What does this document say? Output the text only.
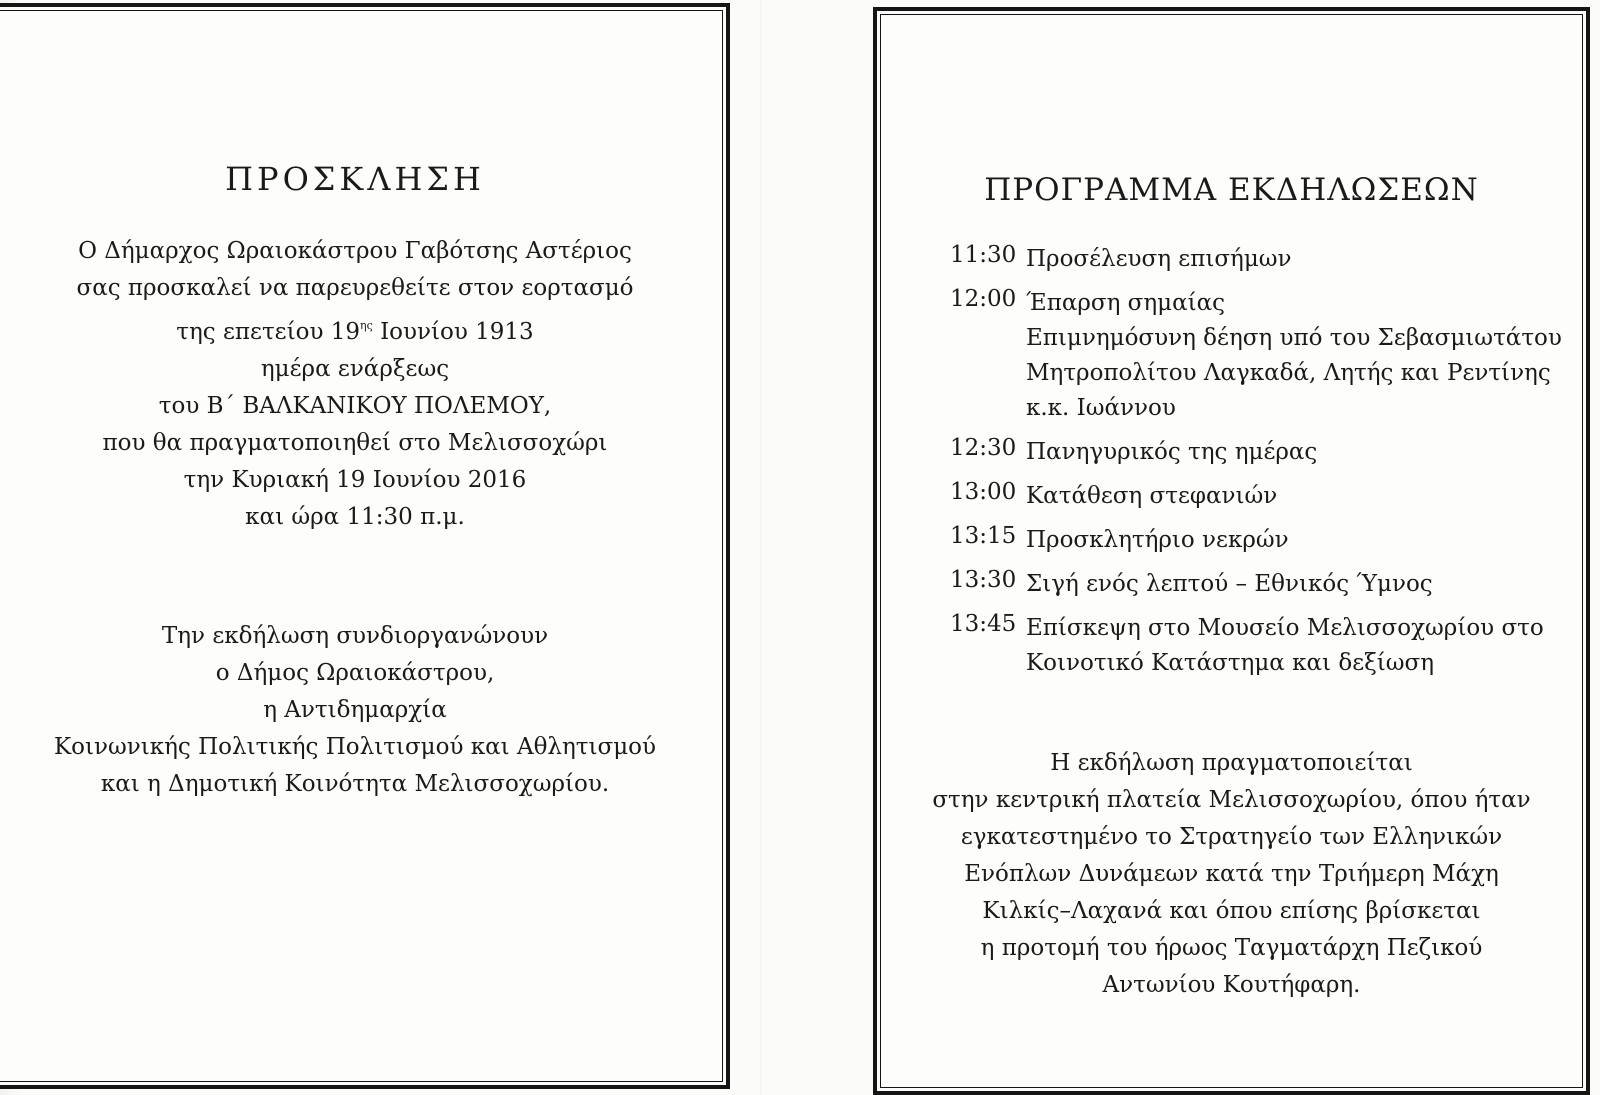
ΠΡΟΣΚΛΗΣΗ

Ο Δήμαρχος Ωραιοκάστρου Γαβότσης Αστέριος
σας προσκαλεί να παρευρεθείτε στον εορτασμό
της επετείου $19^{\eta\varsigma}$ Ιουνίου 1913
ημέρα ενάρξεως
του Β΄ ΒΑΛΚΑΝΙΚΟΥ ΠΟΛΕΜΟΥ,
που θα πραγματοποιηθεί στο Μελισσοχώρι
την Κυριακή 19 Ιουνίου 2016
και ώρα 11:30 π.μ.

Την εκδήλωση συνδιοργανώνουν
ο Δήμος Ωραιοκάστρου,
η Αντιδημαρχία
Κοινωνικής Πολιτικής Πολιτισμού και Αθλητισμού
και η Δημοτική Κοινότητα Μελισσοχωρίου.

ΠΡΟΓΡΑΜΜΑ ΕΚΔΗΛΩΣΕΩΝ
11:30 Προσέλευση επισήμων
12:00 Έπαρση σημαίας
Επιμνημόσυνη δέηση υπό του Σεβασμιωτάτου
Μητροπολίτου Λαγκαδά, Λητής και Ρεντίνης
κ.κ. Ιωάννου
12:30 Πανηγυρικός της ημέρας
13:00 Κατάθεση στεφανιών
13:15 Προσκλητήριο νεκρών
13:30 Σιγή ενός λεπτού – Εθνικός Ύμνος
13:45 Επίσκεψη στο Μουσείο Μελισσοχωρίου στο
Κοινοτικό Κατάστημα και δεξίωση

Η εκδήλωση πραγματοποιείται
στην κεντρική πλατεία Μελισσοχωρίου, όπου ήταν
εγκατεστημένο το Στρατηγείο των Ελληνικών
Ενόπλων Δυνάμεων κατά την Τριήμερη Μάχη
Κιλκίς–Λαχανά και όπου επίσης βρίσκεται
η προτομή του ήρωος Ταγματάρχη Πεζικού
Αντωνίου Κουτήφαρη.
